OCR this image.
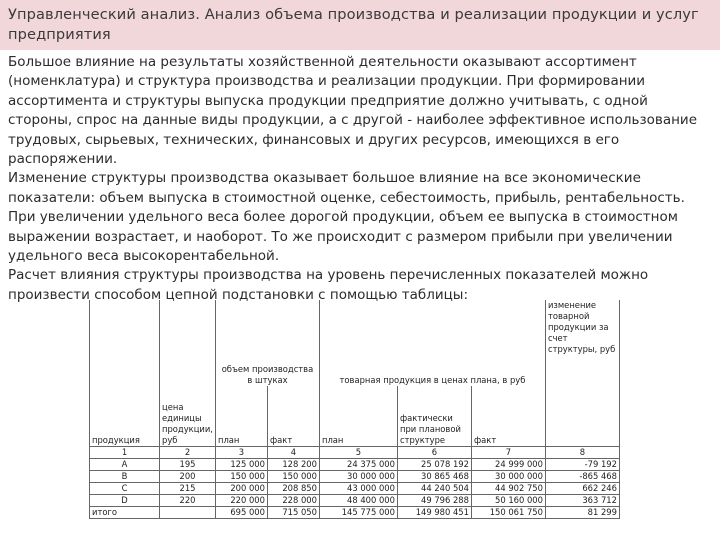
Управленческий анализ. Анализ объема производства и реализации продукции и услуг предприятия

Большое влияние на результаты хозяйственной деятельности оказывают ассортимент (номенклатура) и структура производства и реализации продукции. При формировании ассортимента и структуры выпуска продукции предприятие должно учитывать, с одной стороны, спрос на данные виды продукции, а с другой - наиболее эффективное использование трудовых, сырьевых, технических, финансовых и других ресурсов, имеющихся в его распоряжении.

Изменение структуры производства оказывает большое влияние на все экономические показатели: объем выпуска в стоимостной оценке, себестоимость, прибыль, рентабельность. При увеличении удельного веса более дорогой продукции, объем ее выпуска в стоимостном выражении возрастает, и наоборот. То же происходит с размером прибыли при увеличении удельного веса высокорентабельной.

Расчет влияния структуры производства на уровень перечисленных показателей можно произвести способом цепной подстановки с помощью таблицы:

продукция	цена единицы продукции, руб	объем производства в штуках		товарная продукция в ценах плана, в руб			изменение товарной продукции за счет структуры, руб
		план	факт	план	фактически при плановой структуре	факт	
1	2	3	4	5	6	7	8
A	195	125 000	128 200	24 375 000	25 078 192	24 999 000	-79 192
B	200	150 000	150 000	30 000 000	30 865 468	30 000 000	-865 468
C	215	200 000	208 850	43 000 000	44 240 504	44 902 750	662 246
D	220	220 000	228 000	48 400 000	49 796 288	50 160 000	363 712
итого		695 000	715 050	145 775 000	149 980 451	150 061 750	81 299
